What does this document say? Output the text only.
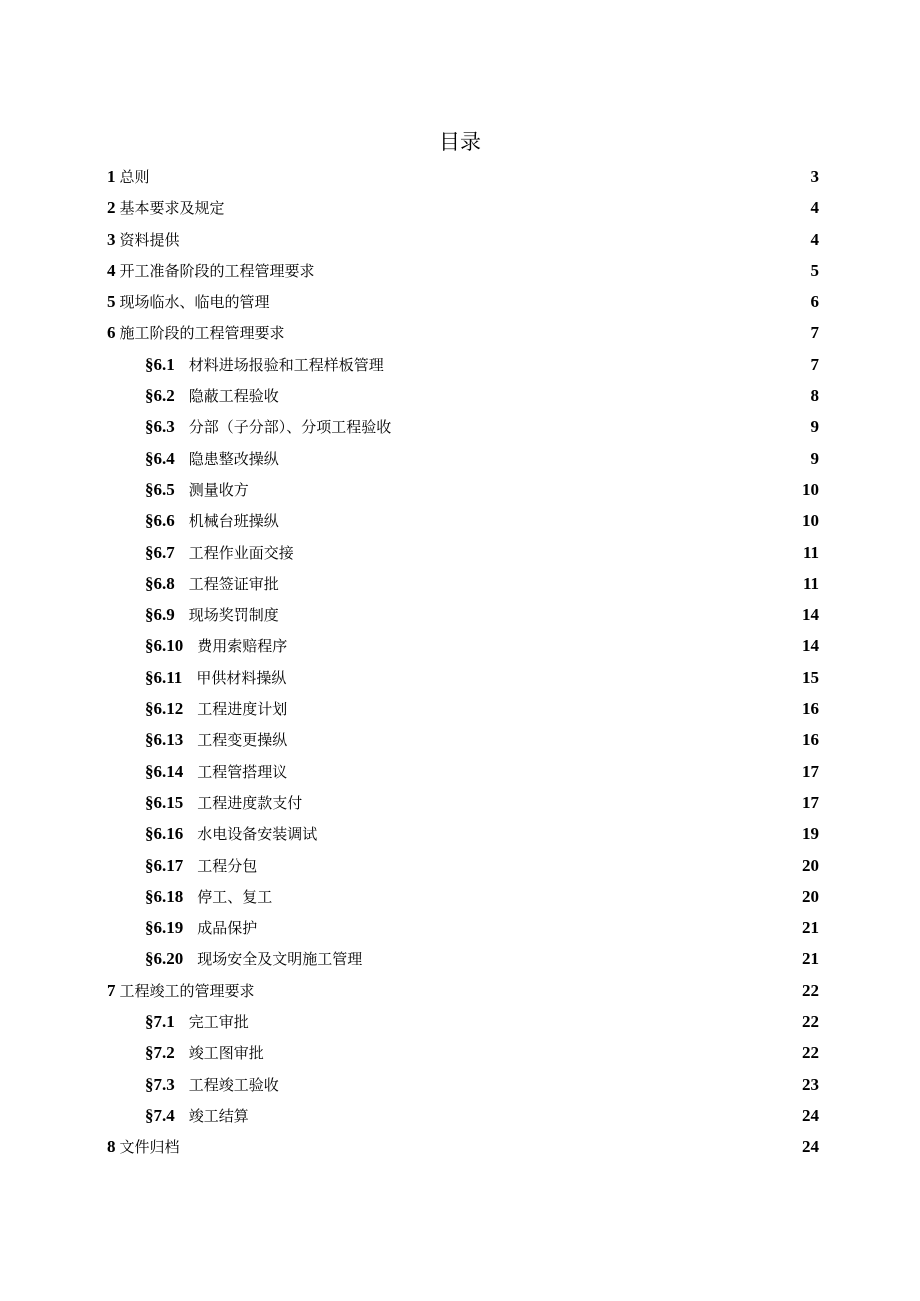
目录
1 总则	3
2 基本要求及规定	4
3 资料提供	4
4 开工准备阶段的工程管理要求	5
5 现场临水、临电的管理	6
6 施工阶段的工程管理要求	7
§6.1 材料进场报验和工程样板管理	7
§6.2 隐蔽工程验收	8
§6.3 分部（子分部）、分项工程验收	9
§6.4 隐患整改操纵	9
§6.5 测量收方	10
§6.6 机械台班操纵	10
§6.7 工程作业面交接	11
§6.8 工程签证审批	11
§6.9 现场奖罚制度	14
§6.10 费用索赔程序	14
§6.11 甲供材料操纵	15
§6.12 工程进度计划	16
§6.13 工程变更操纵	16
§6.14 工程管搭理议	17
§6.15 工程进度款支付	17
§6.16 水电设备安装调试	19
§6.17 工程分包	20
§6.18 停工、复工	20
§6.19 成品保护	21
§6.20 现场安全及文明施工管理	21
7 工程竣工的管理要求	22
§7.1 完工审批	22
§7.2 竣工图审批	22
§7.3 工程竣工验收	23
§7.4 竣工结算	24
8 文件归档	24
